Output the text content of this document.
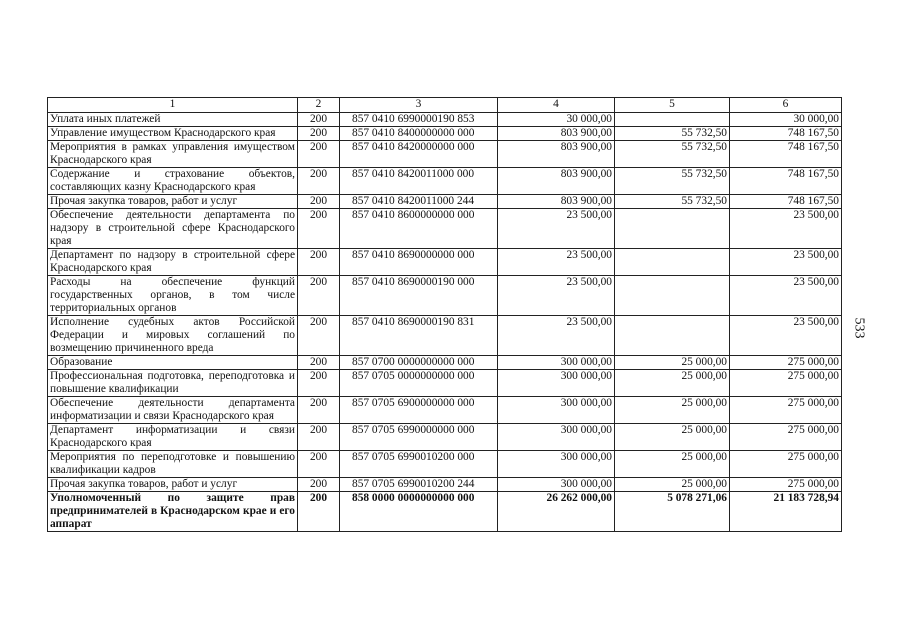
1	2	3	4	5	6
Уплата иных платежей	200	857 0410 6990000190 853	30 000,00		30 000,00
Управление имуществом Краснодарского края	200	857 0410 8400000000 000	803 900,00	55 732,50	748 167,50
Мероприятия в рамках управления имуществом Краснодарского края	200	857 0410 8420000000 000	803 900,00	55 732,50	748 167,50
Содержание и страхование объектов, составляющих казну Краснодарского края	200	857 0410 8420011000 000	803 900,00	55 732,50	748 167,50
Прочая закупка товаров, работ и услуг	200	857 0410 8420011000 244	803 900,00	55 732,50	748 167,50
Обеспечение деятельности департамента по надзору в строительной сфере Краснодарского края	200	857 0410 8600000000 000	23 500,00		23 500,00
Департамент по надзору в строительной сфере Краснодарского края	200	857 0410 8690000000 000	23 500,00		23 500,00
Расходы на обеспечение функций государственных органов, в том числе территориальных органов	200	857 0410 8690000190 000	23 500,00		23 500,00
Исполнение судебных актов Российской Федерации и мировых соглашений по возмещению причиненного вреда	200	857 0410 8690000190 831	23 500,00		23 500,00
Образование	200	857 0700 0000000000 000	300 000,00	25 000,00	275 000,00
Профессиональная подготовка, переподготовка и повышение квалификации	200	857 0705 0000000000 000	300 000,00	25 000,00	275 000,00
Обеспечение деятельности департамента информатизации и связи Краснодарского края	200	857 0705 6900000000 000	300 000,00	25 000,00	275 000,00
Департамент информатизации и связи Краснодарского края	200	857 0705 6990000000 000	300 000,00	25 000,00	275 000,00
Мероприятия по переподготовке и повышению квалификации кадров	200	857 0705 6990010200 000	300 000,00	25 000,00	275 000,00
Прочая закупка товаров, работ и услуг	200	857 0705 6990010200 244	300 000,00	25 000,00	275 000,00
Уполномоченный по защите прав предпринимателей в Краснодарском крае и его аппарат	200	858 0000 0000000000 000	26 262 000,00	5 078 271,06	21 183 728,94
533
